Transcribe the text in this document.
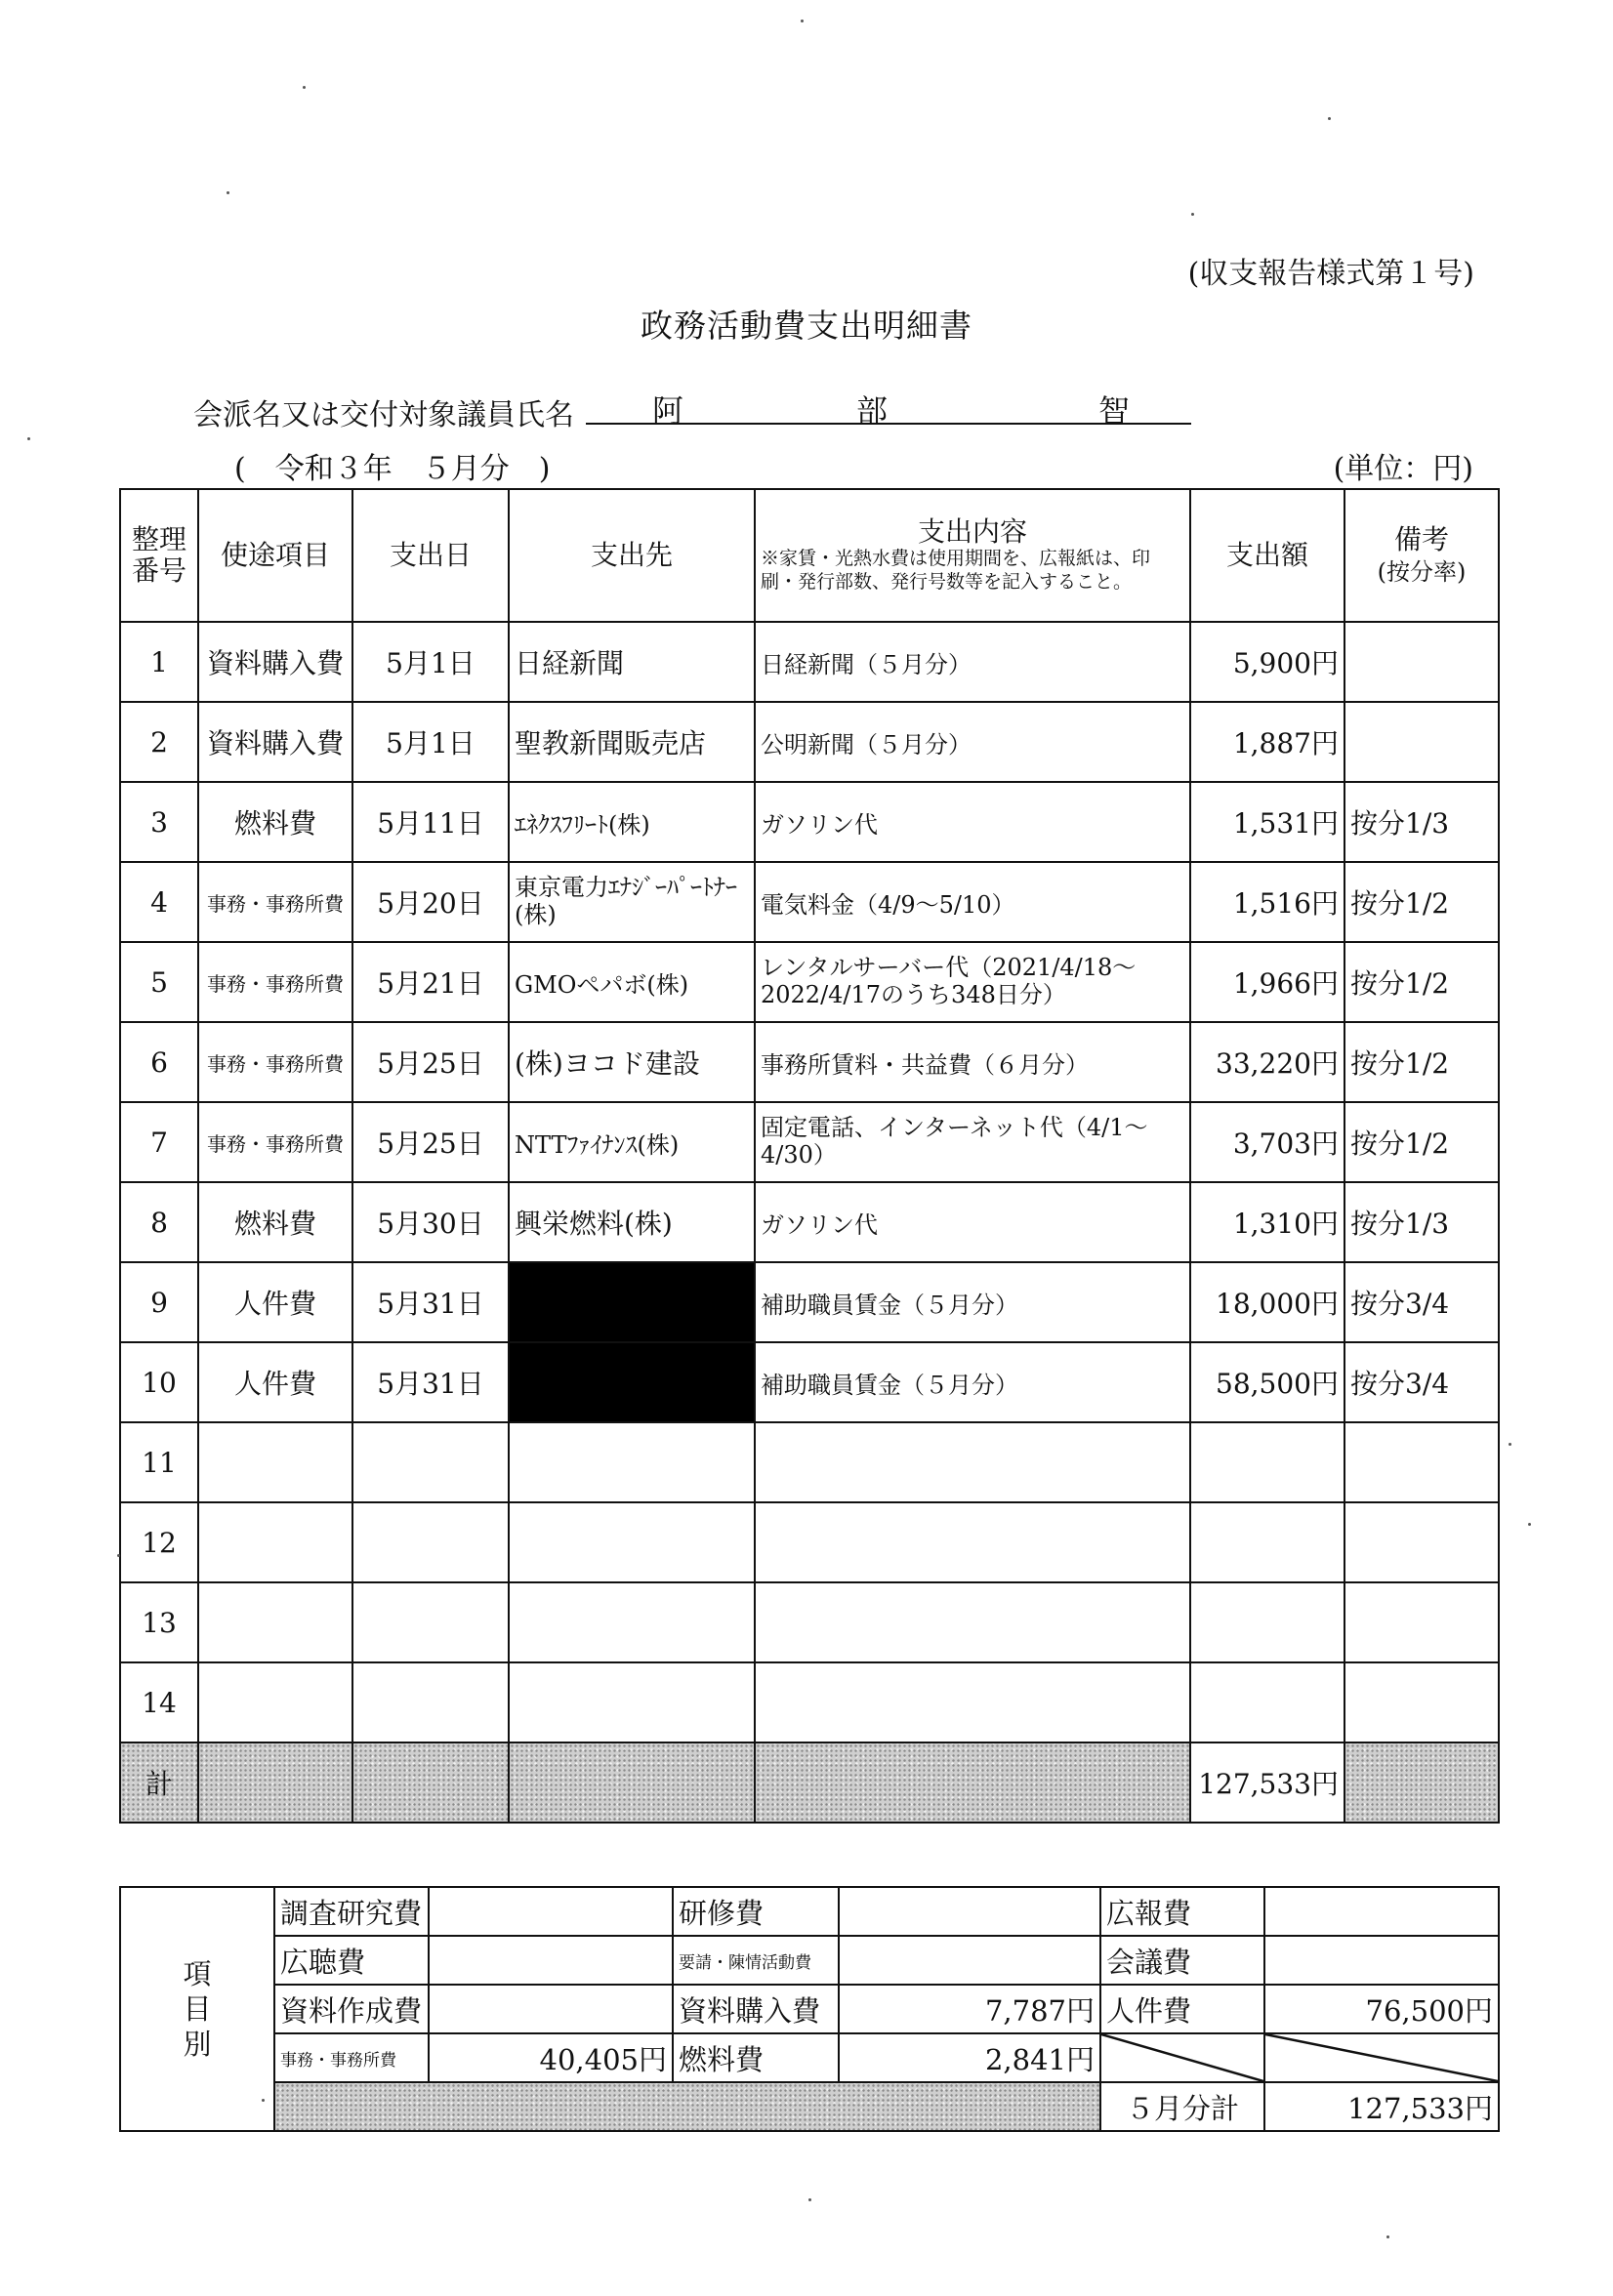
(収支報告様式第１号)
政務活動費支出明細書
会派名又は交付対象議員氏名	阿	部	智
(　令和３年　５月分　)	(単位：円)
整理
番号	使途項目	支出日	支出先	支出内容
※家賃・光熱水費は使用期間を、広報紙は、印刷・発行部数、発行号数等を記入すること。	支出額	備考
(按分率)
1	資料購入費	5月1日	日経新聞	日経新聞（５月分）	5,900円	
2	資料購入費	5月1日	聖教新聞販売店	公明新聞（５月分）	1,887円	
3	燃料費	5月11日	ｴﾈｸｽﾌﾘｰﾄ(株)	ガソリン代	1,531円	按分1/3
4	事務・事務所費	5月20日	東京電力ｴﾅｼﾞｰﾊﾟｰﾄﾅｰ(株)	電気料金（4/9～5/10）	1,516円	按分1/2
5	事務・事務所費	5月21日	GMOペパボ(株)	レンタルサーバー代（2021/4/18～2022/4/17のうち348日分）	1,966円	按分1/2
6	事務・事務所費	5月25日	(株)ヨコド建設	事務所賃料・共益費（６月分）	33,220円	按分1/2
7	事務・事務所費	5月25日	NTTﾌｧｲﾅﾝｽ(株)	固定電話、インターネット代（4/1～4/30）	3,703円	按分1/2
8	燃料費	5月30日	興栄燃料(株)	ガソリン代	1,310円	按分1/3
9	人件費	5月31日		補助職員賃金（５月分）	18,000円	按分3/4
10	人件費	5月31日		補助職員賃金（５月分）	58,500円	按分3/4
11						
12						
13						
14						
計					127,533円	
項
目
別	調査研究費		研修費		広報費	
	広聴費		要請・陳情活動費		会議費	
	資料作成費		資料購入費	7,787円	人件費	76,500円
	事務・事務所費	40,405円	燃料費	2,841円		
					５月分計	127,533円
